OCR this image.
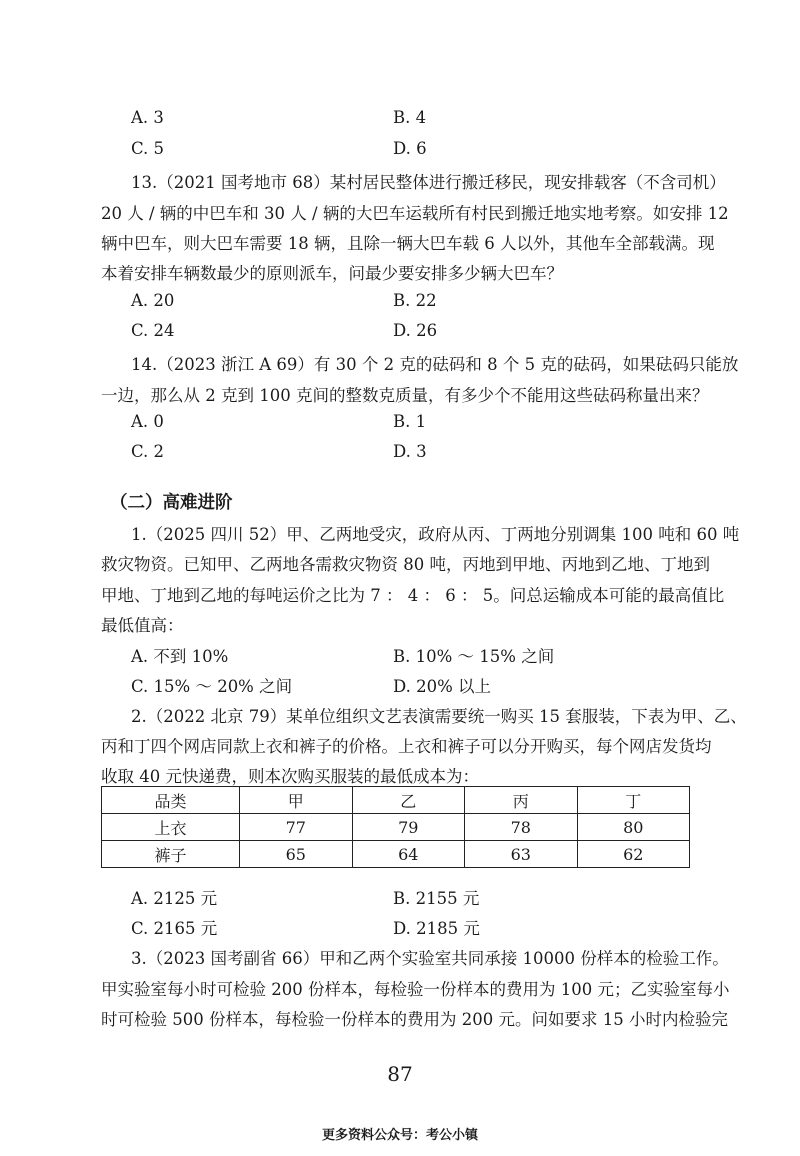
A. 3	B. 4
C. 5	D. 6
13.（2021 国考地市 68）某村居民整体进行搬迁移民，现安排载客（不含司机）
20 人 / 辆的中巴车和 30 人 / 辆的大巴车运载所有村民到搬迁地实地考察。如安排 12
辆中巴车，则大巴车需要 18 辆，且除一辆大巴车载 6 人以外，其他车全部载满。现
本着安排车辆数最少的原则派车，问最少要安排多少辆大巴车？
A. 20	B. 22
C. 24	D. 26
14.（2023 浙江 A 69）有 30 个 2 克的砝码和 8 个 5 克的砝码，如果砝码只能放
一边，那么从 2 克到 100 克间的整数克质量，有多少个不能用这些砝码称量出来？
A. 0	B. 1
C. 2	D. 3
（二）高难进阶
1.（2025 四川 52）甲、乙两地受灾，政府从丙、丁两地分别调集 100 吨和 60 吨
救灾物资。已知甲、乙两地各需救灾物资 80 吨，丙地到甲地、丙地到乙地、丁地到
甲地、丁地到乙地的每吨运价之比为 7 ： 4 ： 6 ： 5。问总运输成本可能的最高值比
最低值高：
A. 不到 10%	B. 10% ～ 15% 之间
C. 15% ～ 20% 之间	D. 20% 以上
2.（2022 北京 79）某单位组织文艺表演需要统一购买 15 套服装，下表为甲、乙、
丙和丁四个网店同款上衣和裤子的价格。上衣和裤子可以分开购买，每个网店发货均
收取 40 元快递费，则本次购买服装的最低成本为：
品类	甲	乙	丙	丁
上衣	77	79	78	80
裤子	65	64	63	62
A. 2125 元	B. 2155 元
C. 2165 元	D. 2185 元
3.（2023 国考副省 66）甲和乙两个实验室共同承接 10000 份样本的检验工作。
甲实验室每小时可检验 200 份样本，每检验一份样本的费用为 100 元；乙实验室每小
时可检验 500 份样本，每检验一份样本的费用为 200 元。问如要求 15 小时内检验完
87
更多资料公众号：考公小镇
